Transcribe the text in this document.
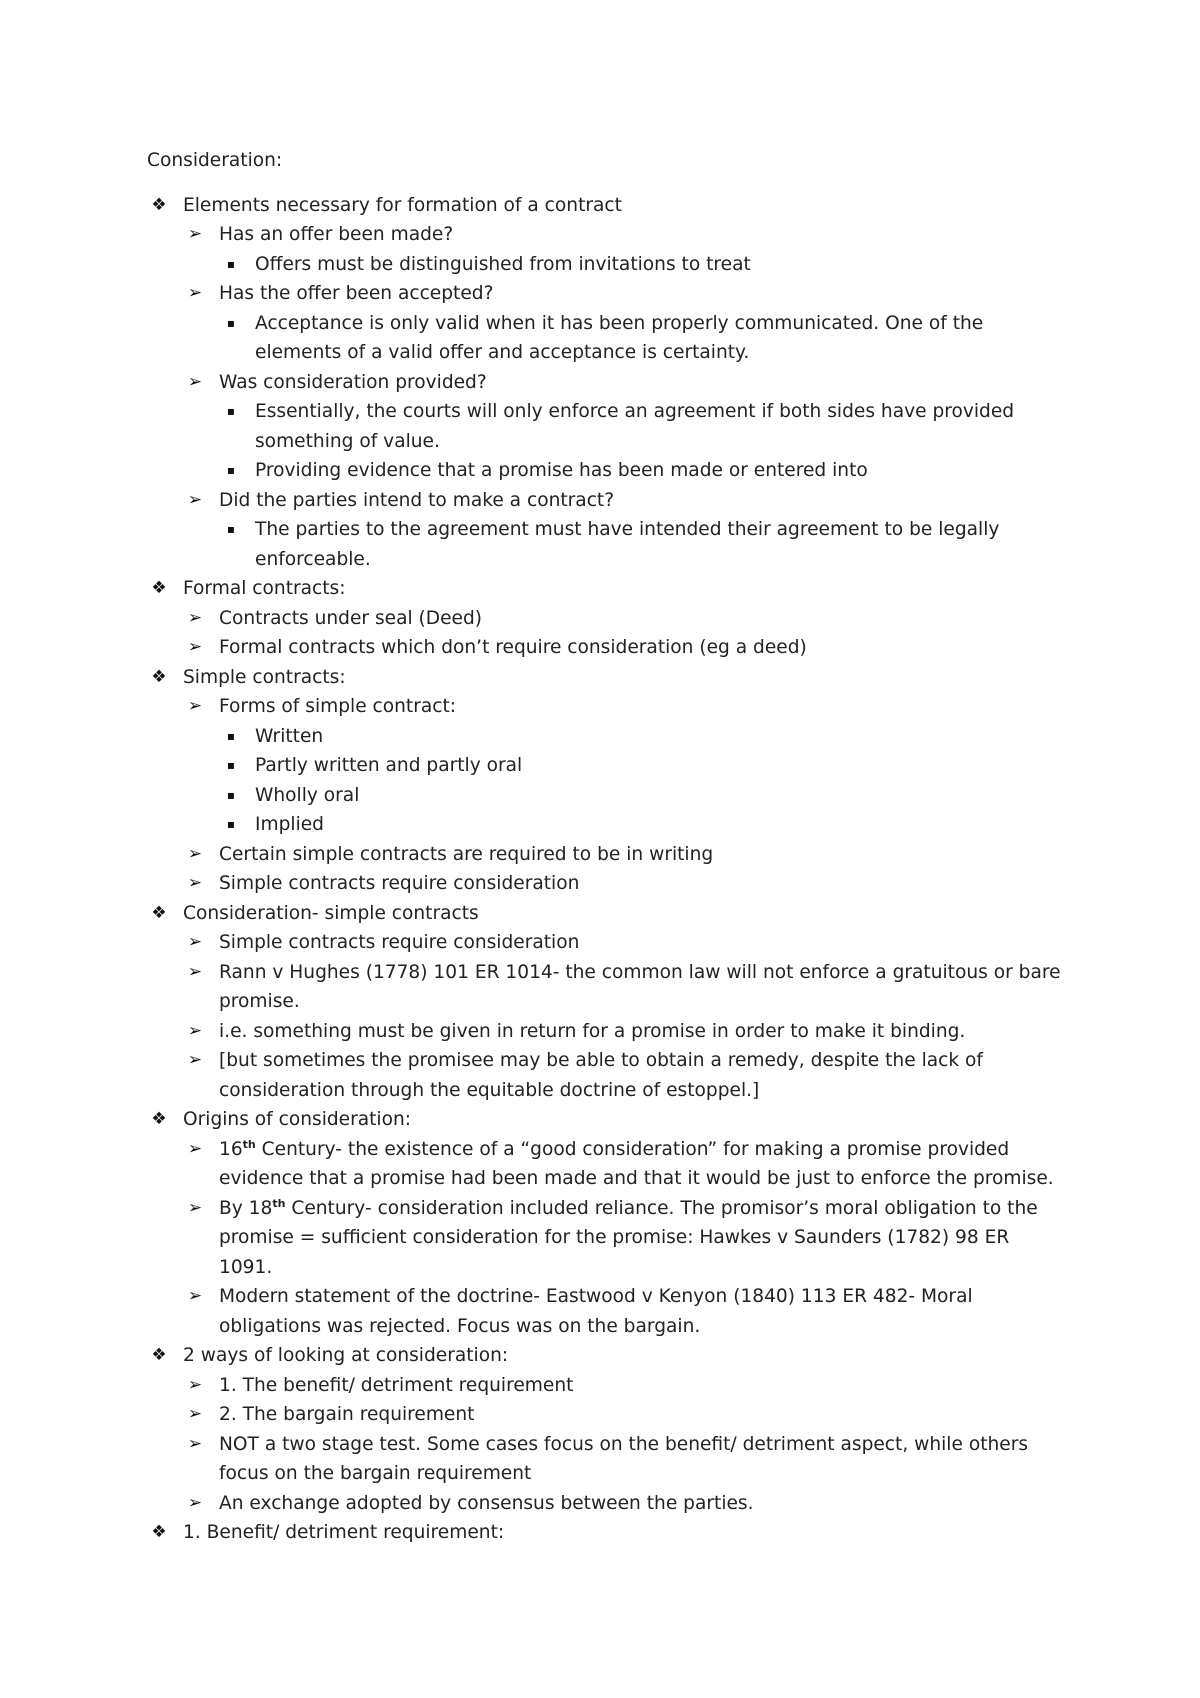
Consideration:

❖ Elements necessary for formation of a contract
➢ Has an offer been made?
▪	Offers must be distinguished from invitations to treat
➢ Has the offer been accepted?
▪	Acceptance is only valid when it has been properly communicated. One of the elements of a valid offer and acceptance is certainty.
➢ Was consideration provided?
▪	Essentially, the courts will only enforce an agreement if both sides have provided something of value.
▪	Providing evidence that a promise has been made or entered into
➢ Did the parties intend to make a contract?
▪	The parties to the agreement must have intended their agreement to be legally enforceable.
❖ Formal contracts:
➢ Contracts under seal (Deed)
➢ Formal contracts which don’t require consideration (eg a deed)
❖ Simple contracts:
➢ Forms of simple contract:
▪	Written
▪	Partly written and partly oral
▪	Wholly oral
▪	Implied
➢ Certain simple contracts are required to be in writing
➢ Simple contracts require consideration
❖ Consideration- simple contracts
➢ Simple contracts require consideration
➢ Rann v Hughes (1778) 101 ER 1014- the common law will not enforce a gratuitous or bare promise.
➢ i.e. something must be given in return for a promise in order to make it binding.
➢ [but sometimes the promisee may be able to obtain a remedy, despite the lack of consideration through the equitable doctrine of estoppel.]
❖ Origins of consideration:
➢ 16th Century- the existence of a “good consideration” for making a promise provided evidence that a promise had been made and that it would be just to enforce the promise.
➢ By 18th Century- consideration included reliance. The promisor’s moral obligation to the promise = sufficient consideration for the promise: Hawkes v Saunders (1782) 98 ER 1091.
➢ Modern statement of the doctrine- Eastwood v Kenyon (1840) 113 ER 482- Moral obligations was rejected. Focus was on the bargain.
❖ 2 ways of looking at consideration:
➢ 1. The benefit/ detriment requirement
➢ 2. The bargain requirement
➢ NOT a two stage test. Some cases focus on the benefit/ detriment aspect, while others focus on the bargain requirement
➢ An exchange adopted by consensus between the parties.
❖ 1. Benefit/ detriment requirement:
